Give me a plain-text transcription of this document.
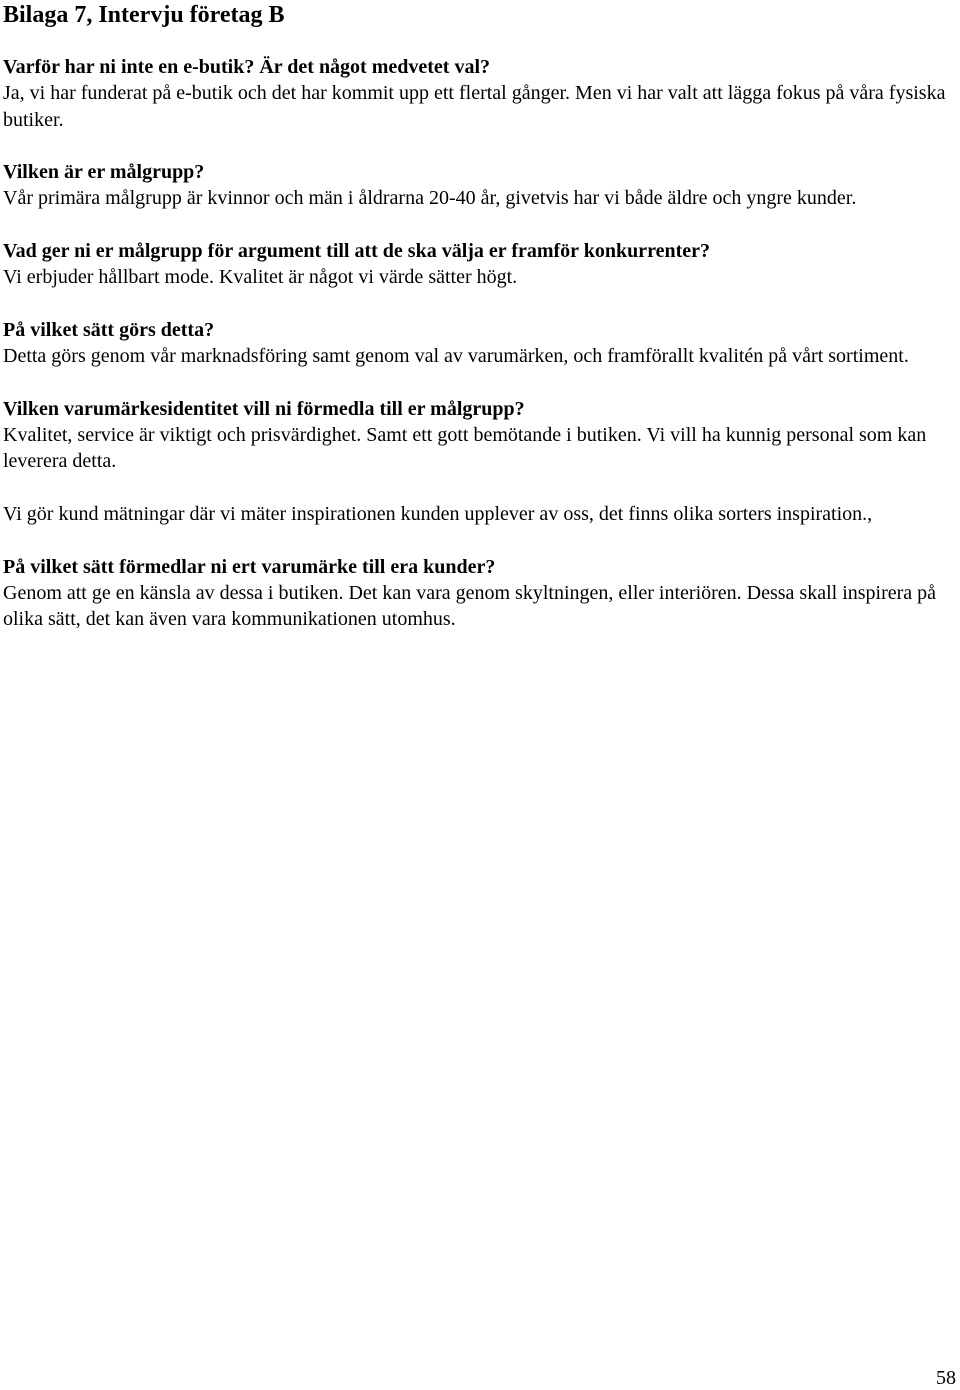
Bilaga 7, Intervju företag B

Varför har ni inte en e-butik? Är det något medvetet val?

Ja, vi har funderat på e-butik och det har kommit upp ett flertal gånger. Men vi har valt att lägga fokus på våra fysiska butiker.

Vilken är er målgrupp?

Vår primära målgrupp är kvinnor och män i åldrarna 20-40 år, givetvis har vi både äldre och yngre kunder.

Vad ger ni er målgrupp för argument till att de ska välja er framför konkurrenter?

Vi erbjuder hållbart mode. Kvalitet är något vi värde sätter högt.

På vilket sätt görs detta?

Detta görs genom vår marknadsföring samt genom val av varumärken, och framförallt kvalitén på vårt sortiment.

Vilken varumärkesidentitet vill ni förmedla till er målgrupp?

Kvalitet, service är viktigt och prisvärdighet. Samt ett gott bemötande i butiken. Vi vill ha kunnig personal som kan leverera detta.

Vi gör kund mätningar där vi mäter inspirationen kunden upplever av oss, det finns olika sorters inspiration.,

På vilket sätt förmedlar ni ert varumärke till era kunder?

Genom att ge en känsla av dessa i butiken. Det kan vara genom skyltningen, eller interiören. Dessa skall inspirera på olika sätt, det kan även vara kommunikationen utomhus.

58
